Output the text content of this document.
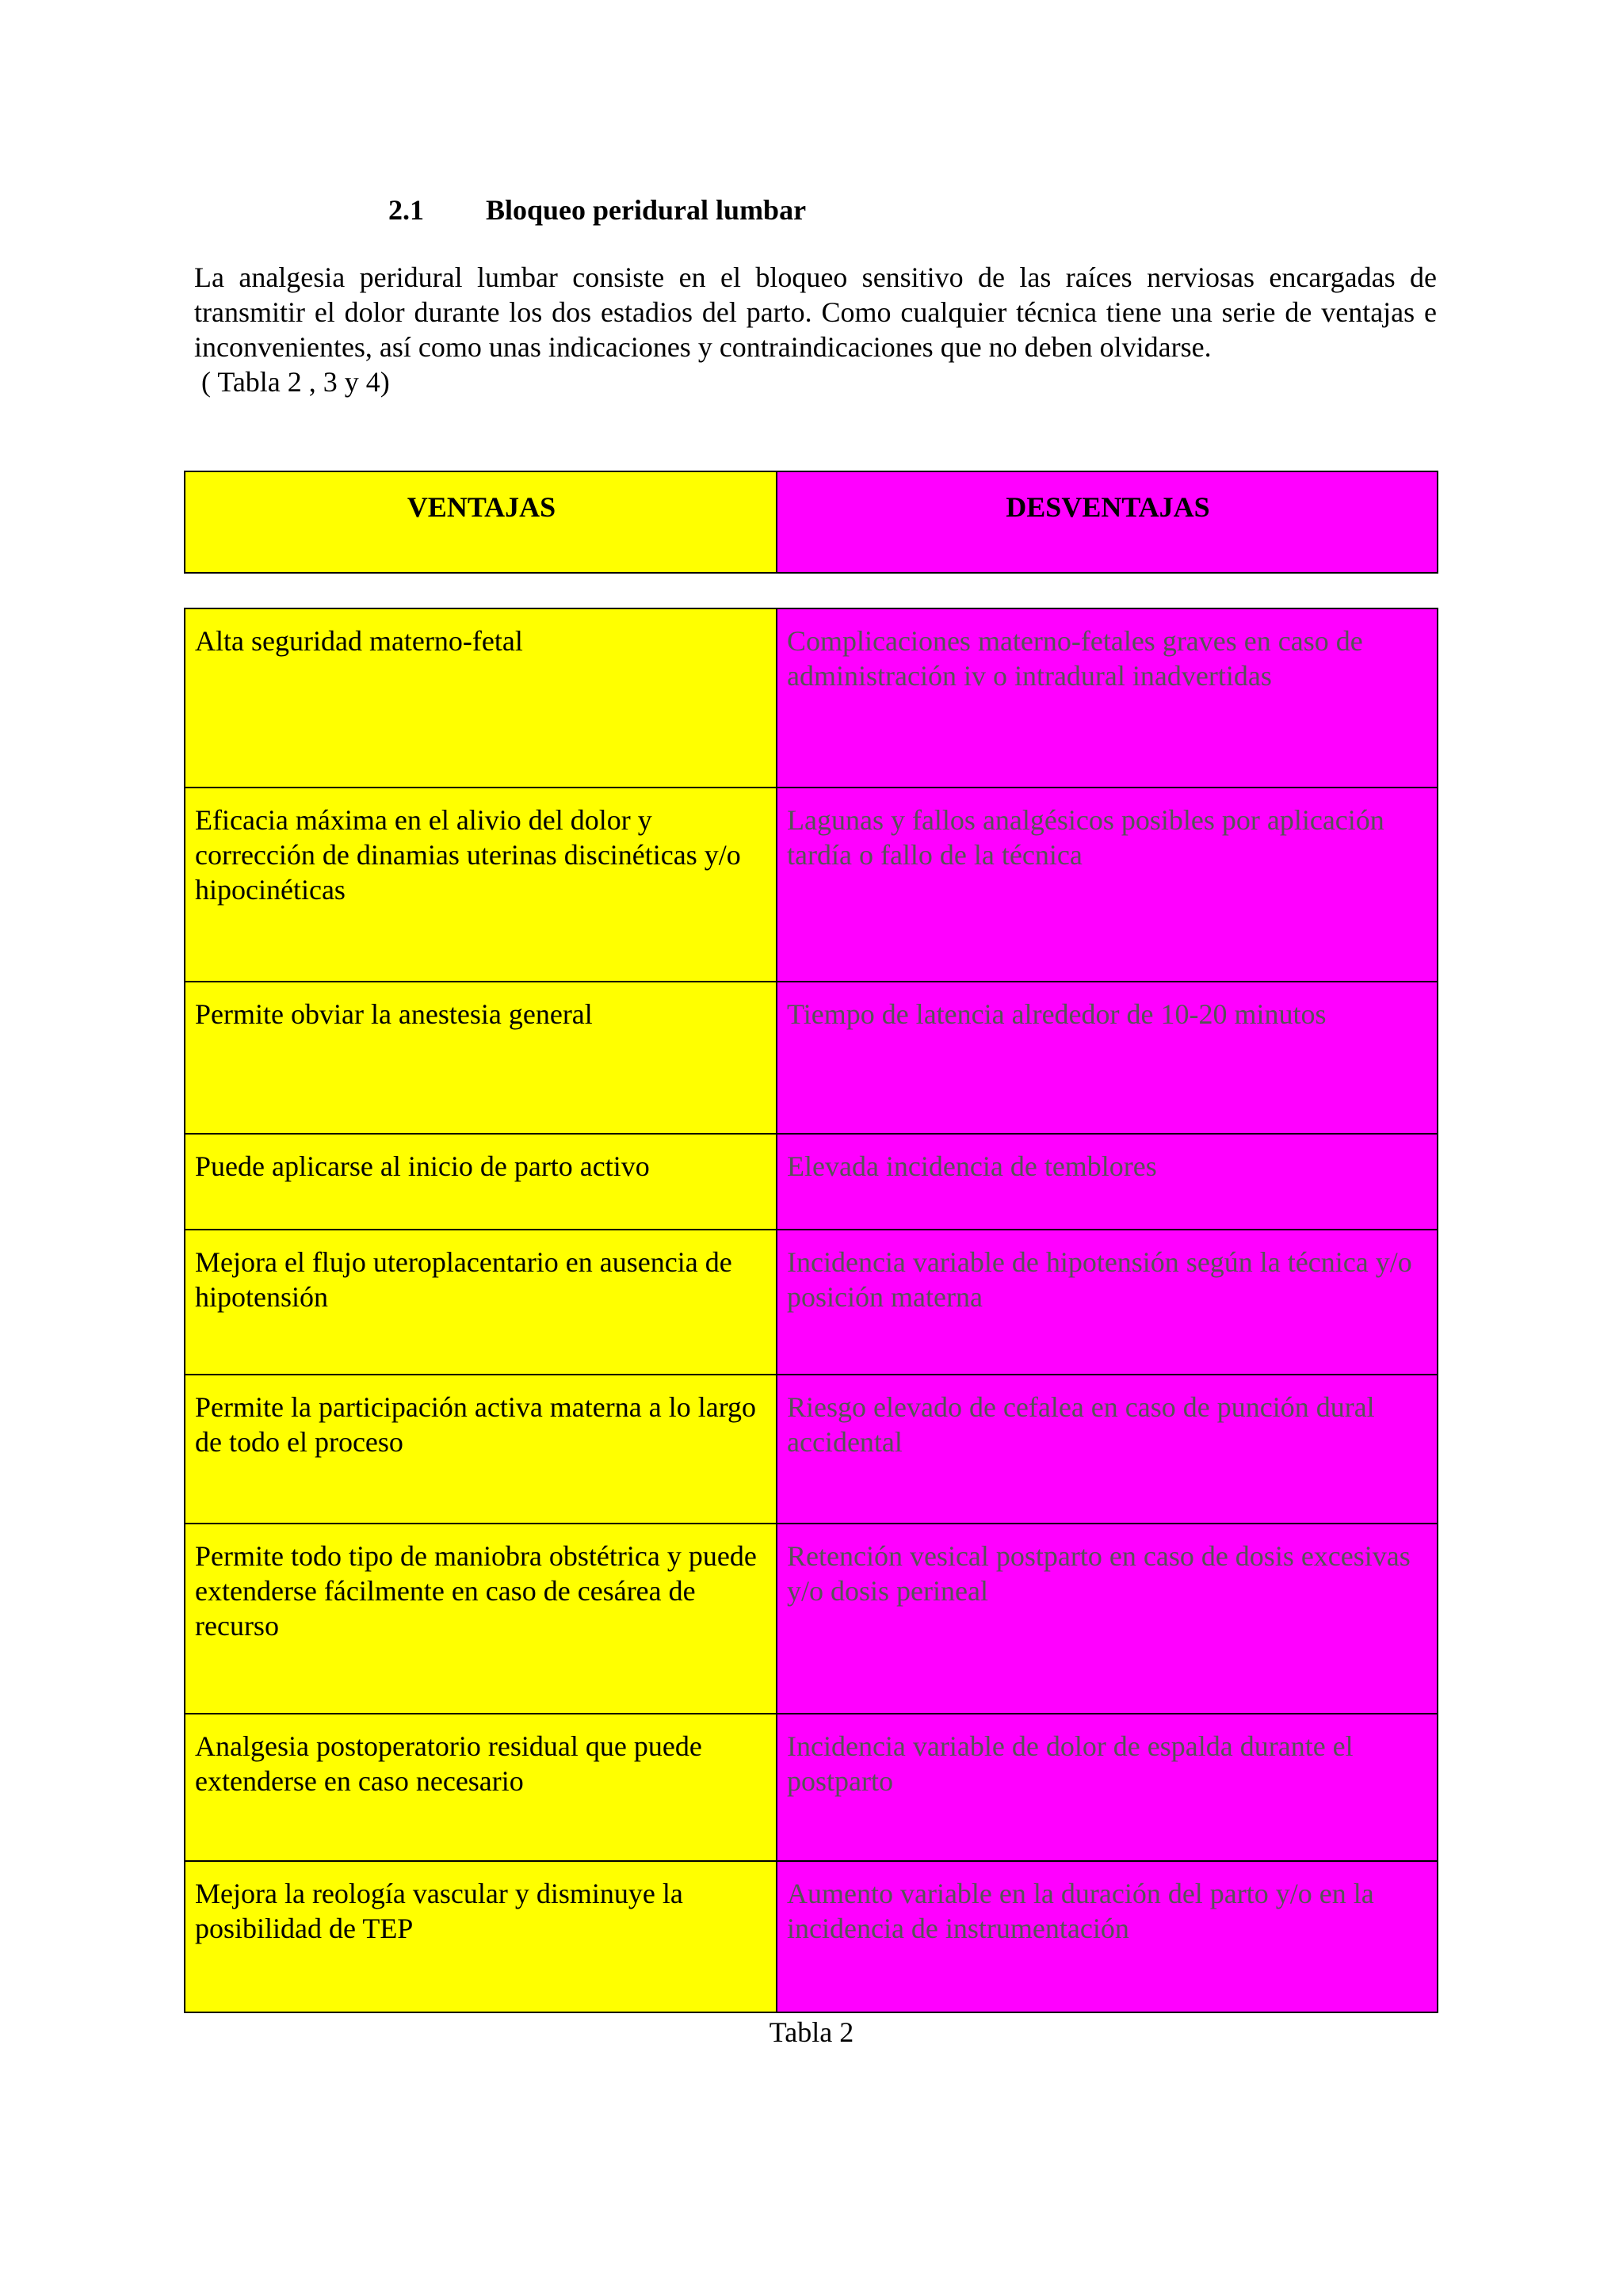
2.1 Bloqueo peridural lumbar

La analgesia peridural lumbar consiste en el bloqueo sensitivo de las raíces nerviosas encargadas de transmitir el dolor durante los dos estadios del parto. Como cualquier técnica tiene una serie de ventajas e inconvenientes, así como unas indicaciones y contraindicaciones que no deben olvidarse.

( Tabla 2 , 3 y 4)
VENTAJAS	DESVENTAJAS
Alta seguridad materno-fetal	Complicaciones materno-fetales graves en caso de administración iv o intradural inadvertidas
Eficacia máxima en el alivio del dolor y corrección de dinamias uterinas discinéticas y/o hipocinéticas	Lagunas y fallos analgésicos posibles por aplicación tardía o fallo de la técnica
Permite obviar la anestesia general	Tiempo de latencia alrededor de 10-20 minutos
Puede aplicarse al inicio de parto activo	Elevada incidencia de temblores
Mejora el flujo uteroplacentario en ausencia de hipotensión	Incidencia variable de hipotensión según la técnica y/o posición materna
Permite la participación activa materna a lo largo de todo el proceso	Riesgo elevado de cefalea en caso de punción dural accidental
Permite todo tipo de maniobra obstétrica y puede extenderse fácilmente en caso de cesárea de recurso	Retención vesical postparto en caso de dosis excesivas y/o dosis perineal
Analgesia postoperatorio residual que puede extenderse en caso necesario	Incidencia variable de dolor de espalda durante el postparto
Mejora la reología vascular y disminuye la posibilidad de TEP	Aumento variable en la duración del parto y/o en la incidencia de instrumentación
Tabla 2
